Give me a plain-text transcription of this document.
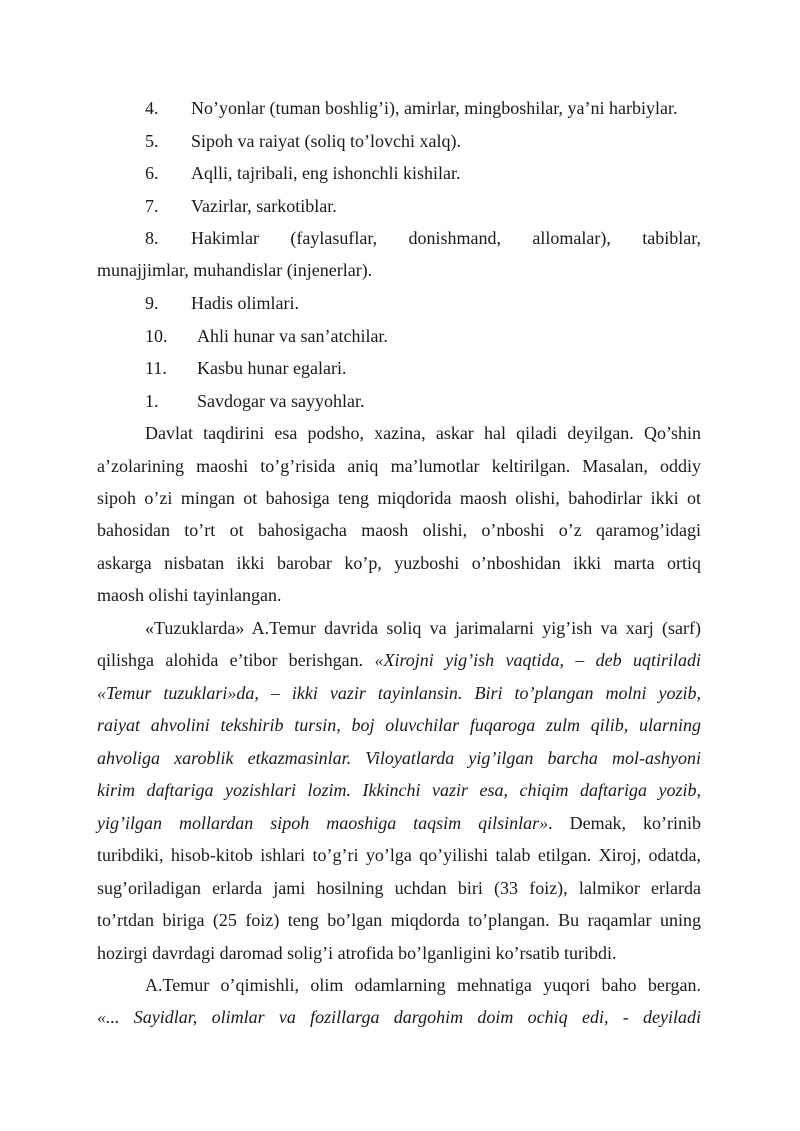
4. No’yonlar (tuman boshlig’i), amirlar, mingboshilar, ya’ni harbiylar.
5. Sipoh va raiyat (soliq to’lovchi xalq).
6. Aqlli, tajribali, eng ishonchli kishilar.
7. Vazirlar, sarkotiblar.
8. Hakimlar (faylasuflar, donishmand, allomalar), tabiblar,
munajjimlar, muhandislar (injenerlar).
9. Hadis olimlari.
10. Ahli hunar va san’atchilar.
11. Kasbu hunar egalari.
1. Savdogar va sayyohlar.
Davlat taqdirini esa podsho, xazina, askar hal qiladi deyilgan. Qo’shin
a’zolarining maoshi to’g’risida aniq ma’lumotlar keltirilgan. Masalan, oddiy
sipoh o’zi mingan ot bahosiga teng miqdorida maosh olishi, bahodirlar ikki ot
bahosidan to’rt ot bahosigacha maosh olishi, o’nboshi o’z qaramog’idagi
askarga nisbatan ikki barobar ko’p, yuzboshi o’nboshidan ikki marta ortiq
maosh olishi tayinlangan.
«Tuzuklarda» A.Temur davrida soliq va jarimalarni yig’ish va xarj (sarf)
qilishga alohida e’tibor berishgan. «Xirojni yig’ish vaqtida, – deb uqtiriladi
«Temur tuzuklari»da, – ikki vazir tayinlansin. Biri to’plangan molni yozib,
raiyat ahvolini tekshirib tursin, boj oluvchilar fuqaroga zulm qilib, ularning
ahvoliga xaroblik etkazmasinlar. Viloyatlarda yig’ilgan barcha mol-ashyoni
kirim daftariga yozishlari lozim. Ikkinchi vazir esa, chiqim daftariga yozib,
yig’ilgan mollardan sipoh maoshiga taqsim qilsinlar». Demak, ko’rinib
turibdiki, hisob-kitob ishlari to’g’ri yo’lga qo’yilishi talab etilgan. Xiroj, odatda,
sug’oriladigan erlarda jami hosilning uchdan biri (33 foiz), lalmikor erlarda
to’rtdan biriga (25 foiz) teng bo’lgan miqdorda to’plangan. Bu raqamlar uning
hozirgi davrdagi daromad solig’i atrofida bo’lganligini ko’rsatib turibdi.
A.Temur o’qimishli, olim odamlarning mehnatiga yuqori baho bergan.
«... Sayidlar, olimlar va fozillarga dargohim doim ochiq edi, - deyiladi
